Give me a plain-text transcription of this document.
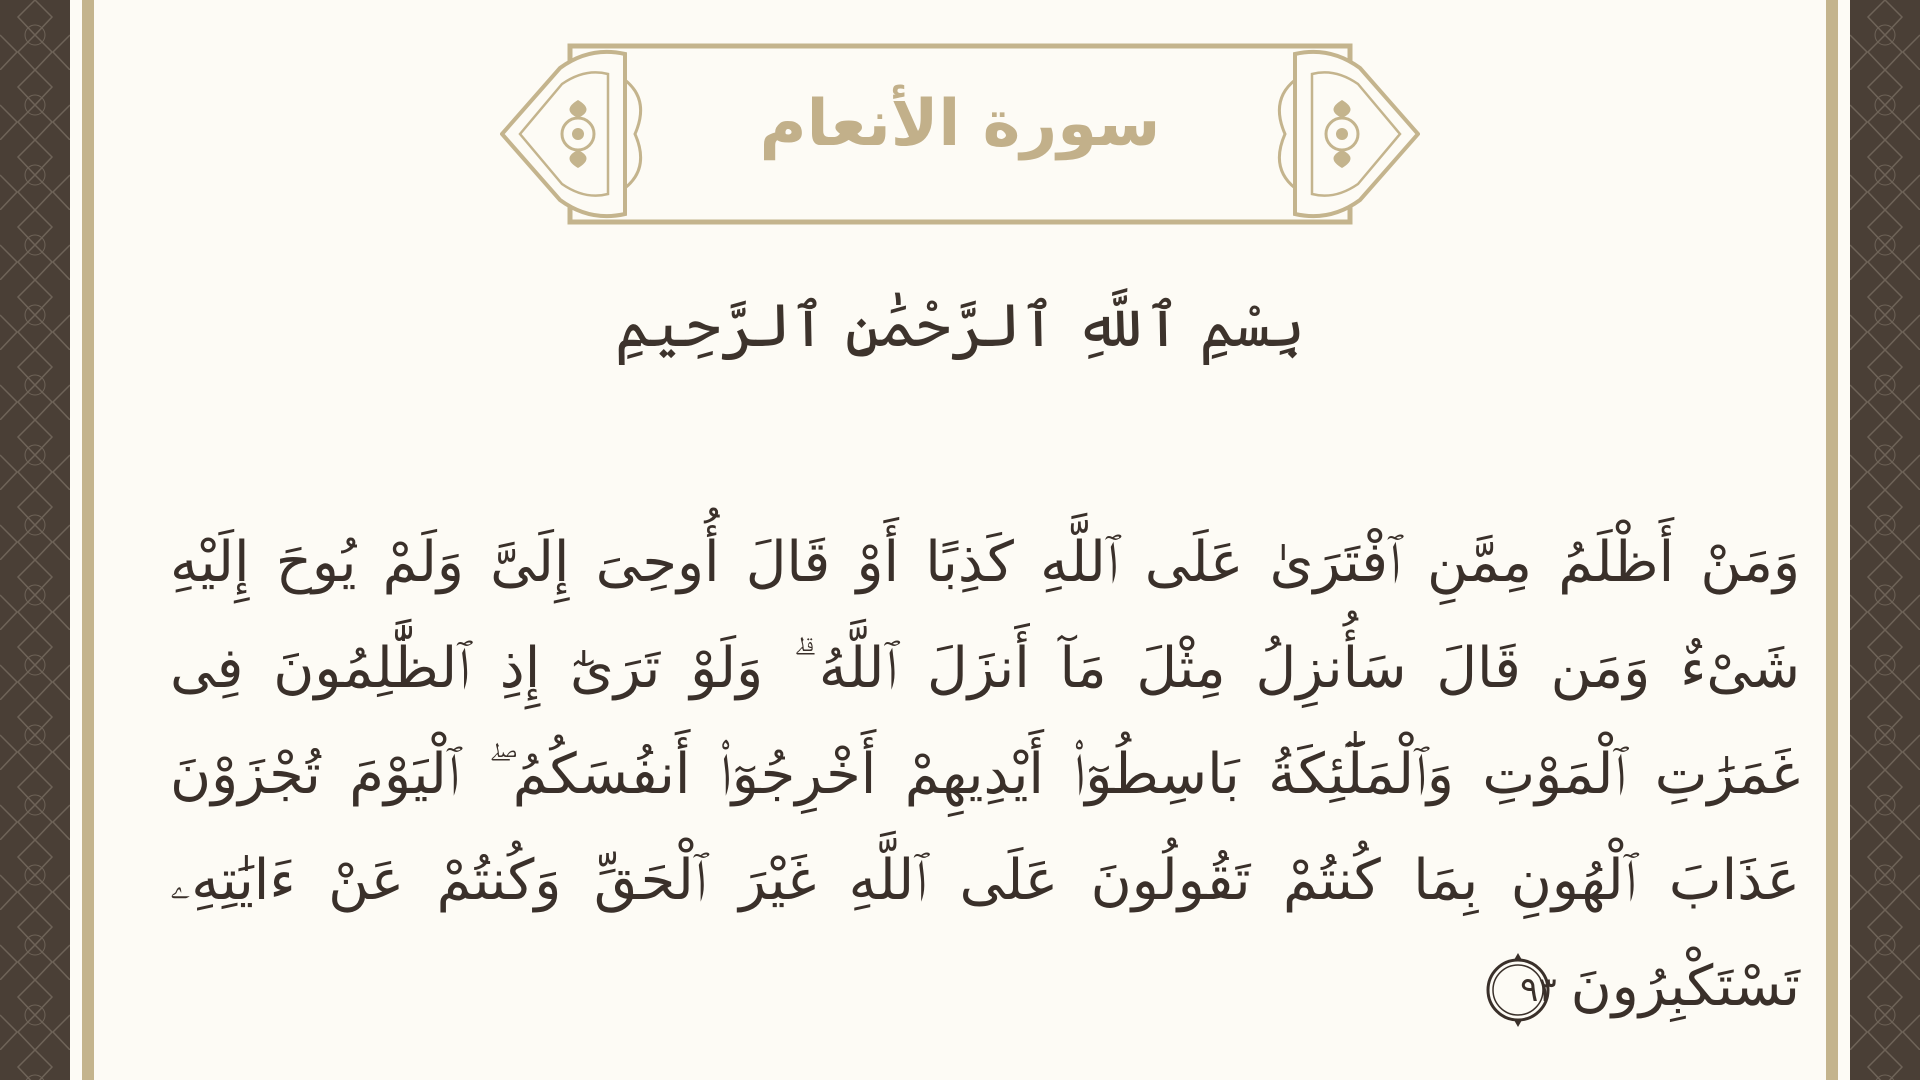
سورة الأنعام
بِسْمِ ٱللَّهِ ٱلرَّحْمَٰنِ ٱلرَّحِيمِ
وَمَنْ أَظْلَمُ مِمَّنِ ٱفْتَرَىٰ عَلَى ٱللَّهِ كَذِبًا أَوْ قَالَ أُوحِىَ إِلَىَّ وَلَمْ يُوحَ إِلَيْهِ شَىْءٌ وَمَن قَالَ سَأُنزِلُ مِثْلَ مَآ أَنزَلَ ٱللَّهُ ۗ وَلَوْ تَرَىٰٓ إِذِ ٱلظَّٰلِمُونَ فِى غَمَرَٰتِ ٱلْمَوْتِ وَٱلْمَلَٰٓئِكَةُ بَاسِطُوٓا۟ أَيْدِيهِمْ أَخْرِجُوٓا۟ أَنفُسَكُمُ ۖ ٱلْيَوْمَ تُجْزَوْنَ عَذَابَ ٱلْهُونِ بِمَا كُنتُمْ تَقُولُونَ عَلَى ٱللَّهِ غَيْرَ ٱلْحَقِّ وَكُنتُمْ عَنْ ءَايَٰتِهِۦ تَسْتَكْبِرُونَ
٩٣
